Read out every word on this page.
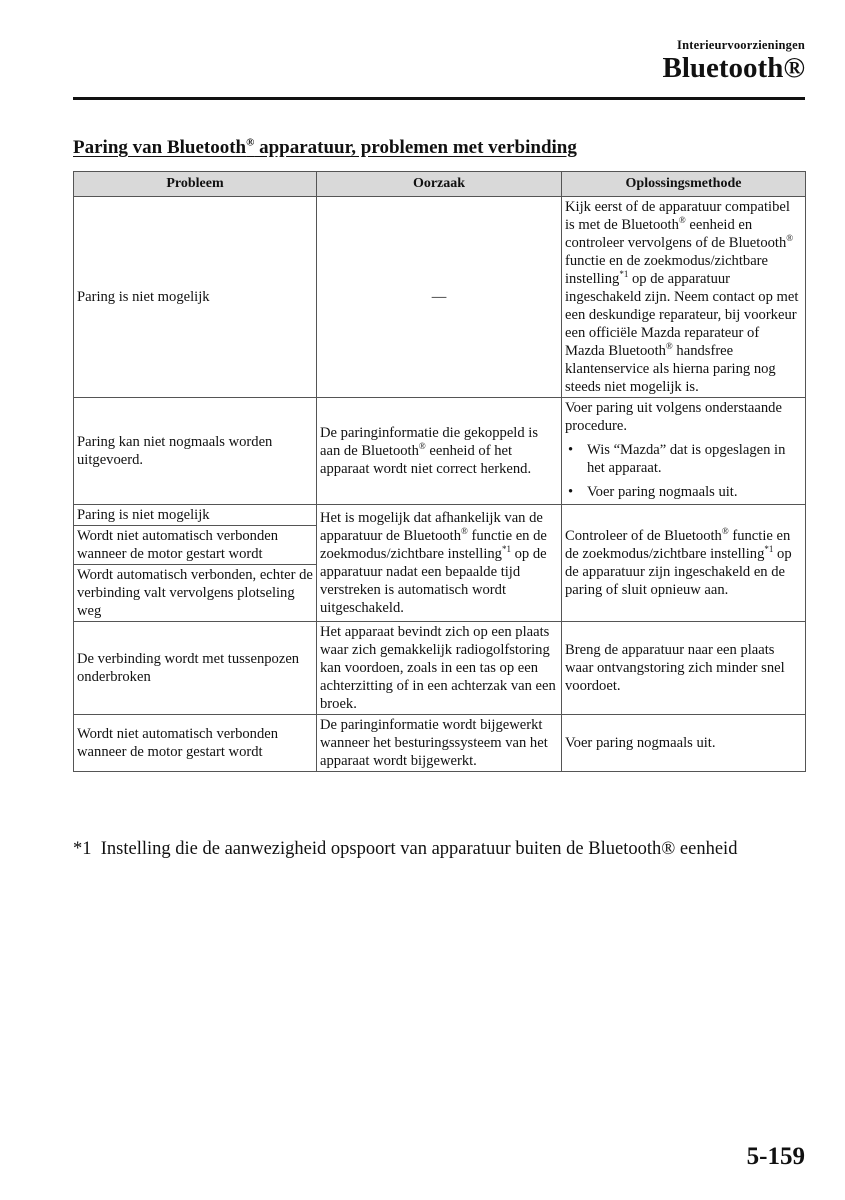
Interieurvoorzieningen
Bluetooth®
Paring van Bluetooth® apparatuur, problemen met verbinding
Probleem	Oorzaak	Oplossingsmethode
Paring is niet mogelijk	—	Kijk eerst of de apparatuur compatibel is met de Bluetooth® eenheid en controleer vervolgens of de Bluetooth® functie en de zoekmodus/zichtbare instelling$^{*1}$ op de apparatuur ingeschakeld zijn. Neem contact op met een deskundige reparateur, bij voorkeur een officiële Mazda reparateur of Mazda Bluetooth® handsfree klantenservice als hierna paring nog steeds niet mogelijk is.
Paring kan niet nogmaals worden uitgevoerd.	De paringinformatie die gekoppeld is aan de Bluetooth® eenheid of het apparaat wordt niet correct herkend.	Voer paring uit volgens onderstaande procedure.
• Wis “Mazda” dat is opgeslagen in het apparaat.
• Voer paring nogmaals uit.

Paring is niet mogelijk	Het is mogelijk dat afhankelijk van de apparatuur de Bluetooth® functie en de zoekmodus/zichtbare instelling$^{*1}$ op de apparatuur nadat een bepaalde tijd verstreken is automatisch wordt uitgeschakeld.	Controleer of de Bluetooth® functie en de zoekmodus/zichtbare instelling$^{*1}$ op de apparatuur zijn ingeschakeld en de paring of sluit opnieuw aan.
Wordt niet automatisch verbonden wanneer de motor gestart wordt		
Wordt automatisch verbonden, echter de verbinding valt vervolgens plotseling weg		
De verbinding wordt met tussenpozen onderbroken	Het apparaat bevindt zich op een plaats waar zich gemakkelijk radiogolfstoring kan voordoen, zoals in een tas op een achterzitting of in een achterzak van een broek.	Breng de apparatuur naar een plaats waar ontvangstoring zich minder snel voordoet.
Wordt niet automatisch verbonden wanneer de motor gestart wordt	De paringinformatie wordt bijgewerkt wanneer het besturingssysteem van het apparaat wordt bijgewerkt.	Voer paring nogmaals uit.
*1 Instelling die de aanwezigheid opspoort van apparatuur buiten de Bluetooth® eenheid
5-159
